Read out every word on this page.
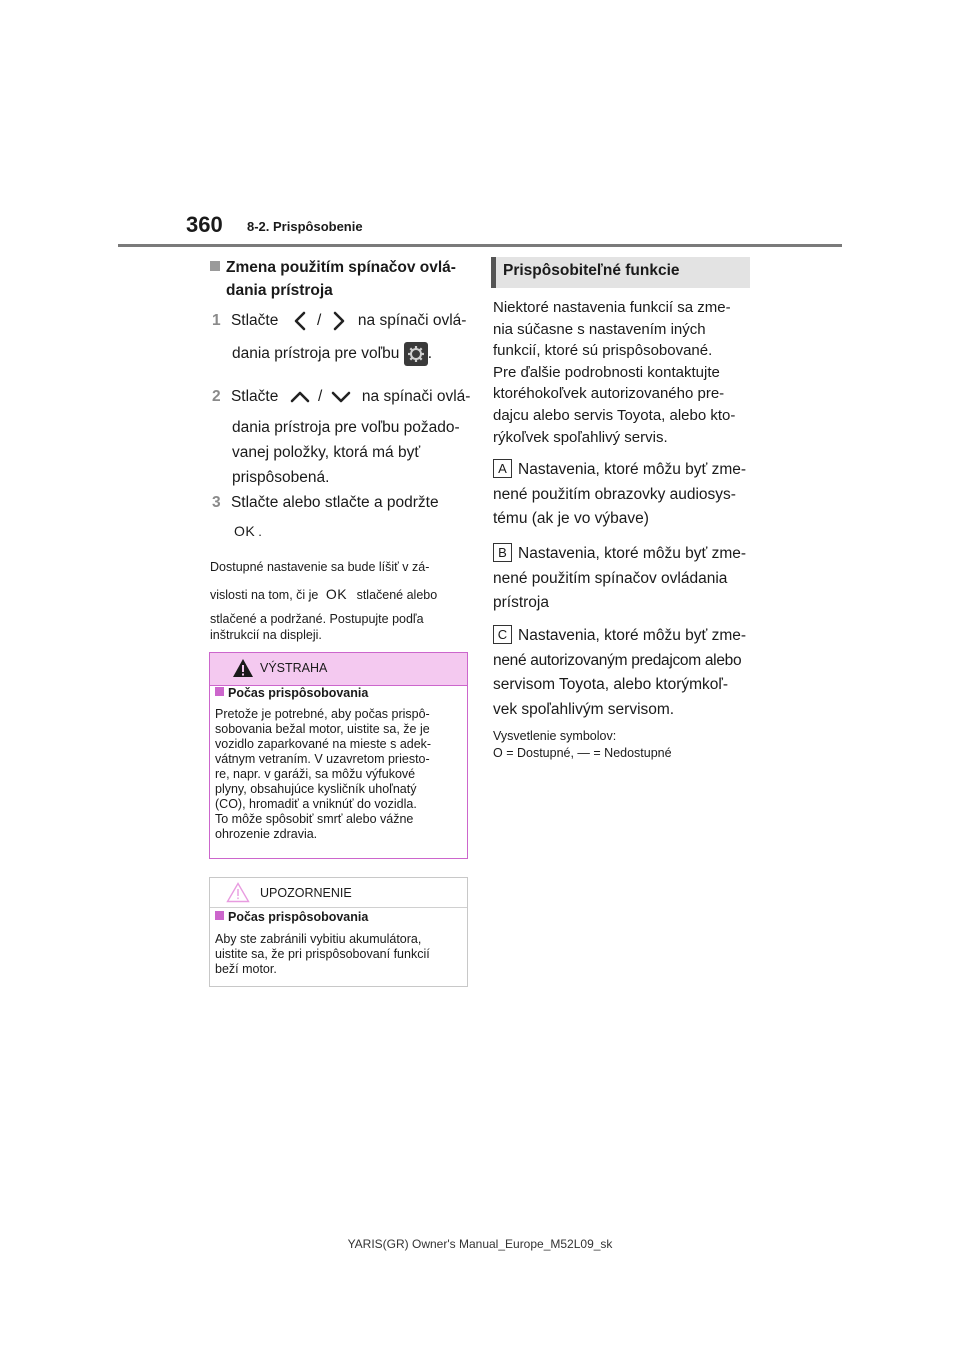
360 8-2. Prispôsobenie
Zmena použitím spínačov ovlá-
dania prístroja
1 Stlačte / na spínači ovlá-
dania prístroja pre voľbu .
2 Stlačte	/	na spínači ovlá-
dania prístroja pre voľbu požado-
vanej položky, ktorá má byť
prispôsobená.
3 Stlačte alebo stlačte a podržte
OK .
Dostupné nastavenie sa bude líšiť v zá-
vislosti na tom, či je OK stlačené alebo
stlačené a podržané. Postupujte podľa
inštrukcií na displeji.
VÝSTRAHA
Počas prispôsobovania
Pretože je potrebné, aby počas prispô-
sobovania bežal motor, uistite sa, že je
vozidlo zaparkované na mieste s adek-
vátnym vetraním. V uzavretom priesto-
re, napr. v garáži, sa môžu výfukové
plyny, obsahujúce kysličník uhoľnatý
(CO), hromadiť a vniknúť do vozidla.
To môže spôsobiť smrť alebo vážne
ohrozenie zdravia.
UPOZORNENIE
Počas prispôsobovania
Aby ste zabránili vybitiu akumulátora,
uistite sa, že pri prispôsobovaní funkcií
beží motor.
Prispôsobiteľné funkcie
Niektoré nastavenia funkcií sa zme-
nia súčasne s nastavením iných
funkcií, ktoré sú prispôsobované.
Pre ďalšie podrobnosti kontaktujte
ktoréhokoľvek autorizovaného pre-
dajcu alebo servis Toyota, alebo kto-
rýkoľvek spoľahlivý servis.
A Nastavenia, ktoré môžu byť zme-
nené použitím obrazovky audiosys-
tému (ak je vo výbave)
B Nastavenia, ktoré môžu byť zme-
nené použitím spínačov ovládania
prístroja
C Nastavenia, ktoré môžu byť zme-
nené autorizovaným predajcom alebo
servisom Toyota, alebo ktorýmkoľ-
vek spoľahlivým servisom.
Vysvetlenie symbolov:
O = Dostupné, — = Nedostupné
YARIS(GR) Owner's Manual_Europe_M52L09_sk
